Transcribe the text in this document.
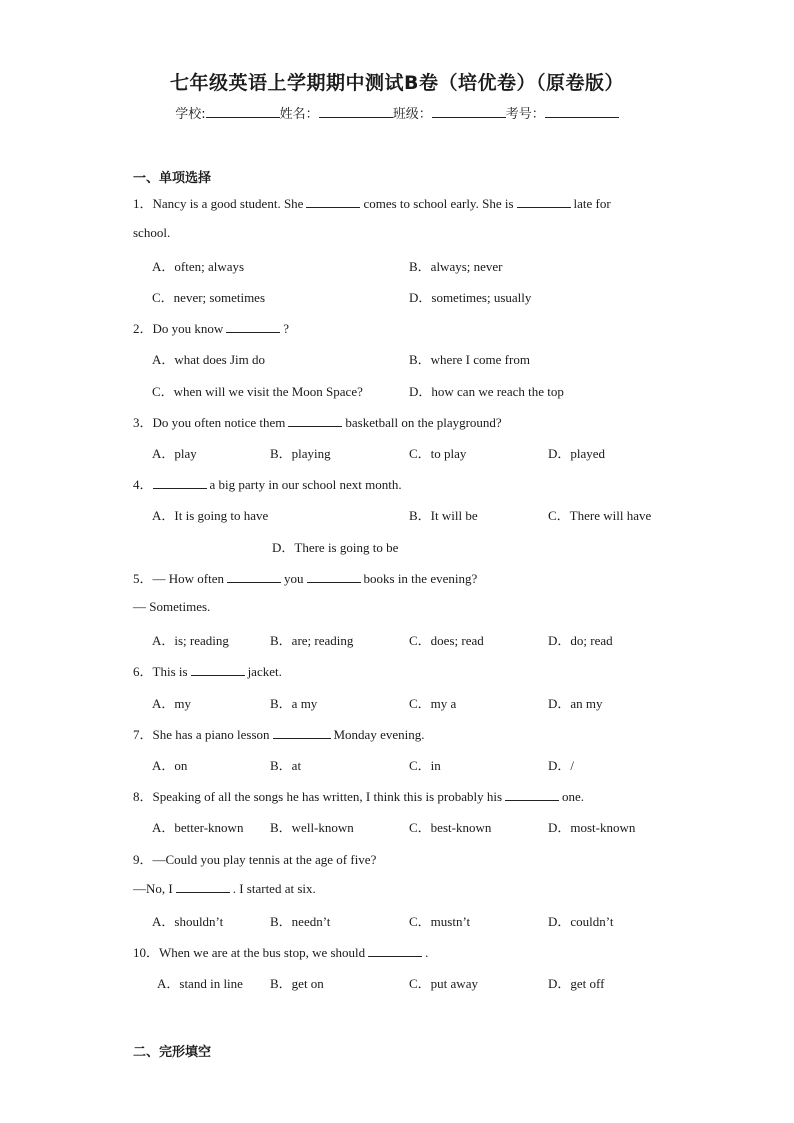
七年级英语上学期期中测试B卷（培优卷）（原卷版）
学校:	姓名：	班级：	考号：
一、单项选择
1．Nancy is a good student. She	comes to school early. She is	late for
school.
A．often; always	B．always; never
C．never; sometimes	D．sometimes; usually
2．Do you know	?
A．what does Jim do	B．where I come from
C．when will we visit the Moon Space?	D．how can we reach the top
3．Do you often notice them	basketball on the playground?
A．play	B．playing	C．to play	D．played
4．	a big party in our school next month.
A．It is going to have	B．It will be	C．There will have
D．There is going to be
5．— How often	you	books in the evening?
— Sometimes.
A．is; reading	B．are; reading	C．does; read	D．do; read
6．This is	jacket.
A．my	B．a my	C．my a	D．an my
7．She has a piano lesson	Monday evening.
A．on	B．at	C．in	D．/
8．Speaking of all the songs he has written, I think this is probably his	one.
A．better-known B．well-known	C．best-known	D．most-known
9．—Could you play tennis at the age of five?
—No, I	. I started at six.
A．shouldn’t	B．needn’t	C．mustn’t	D．couldn’t
10．When we are at the bus stop, we should	.
A．stand in line B．get on	C．put away	D．get off
二、完形填空
